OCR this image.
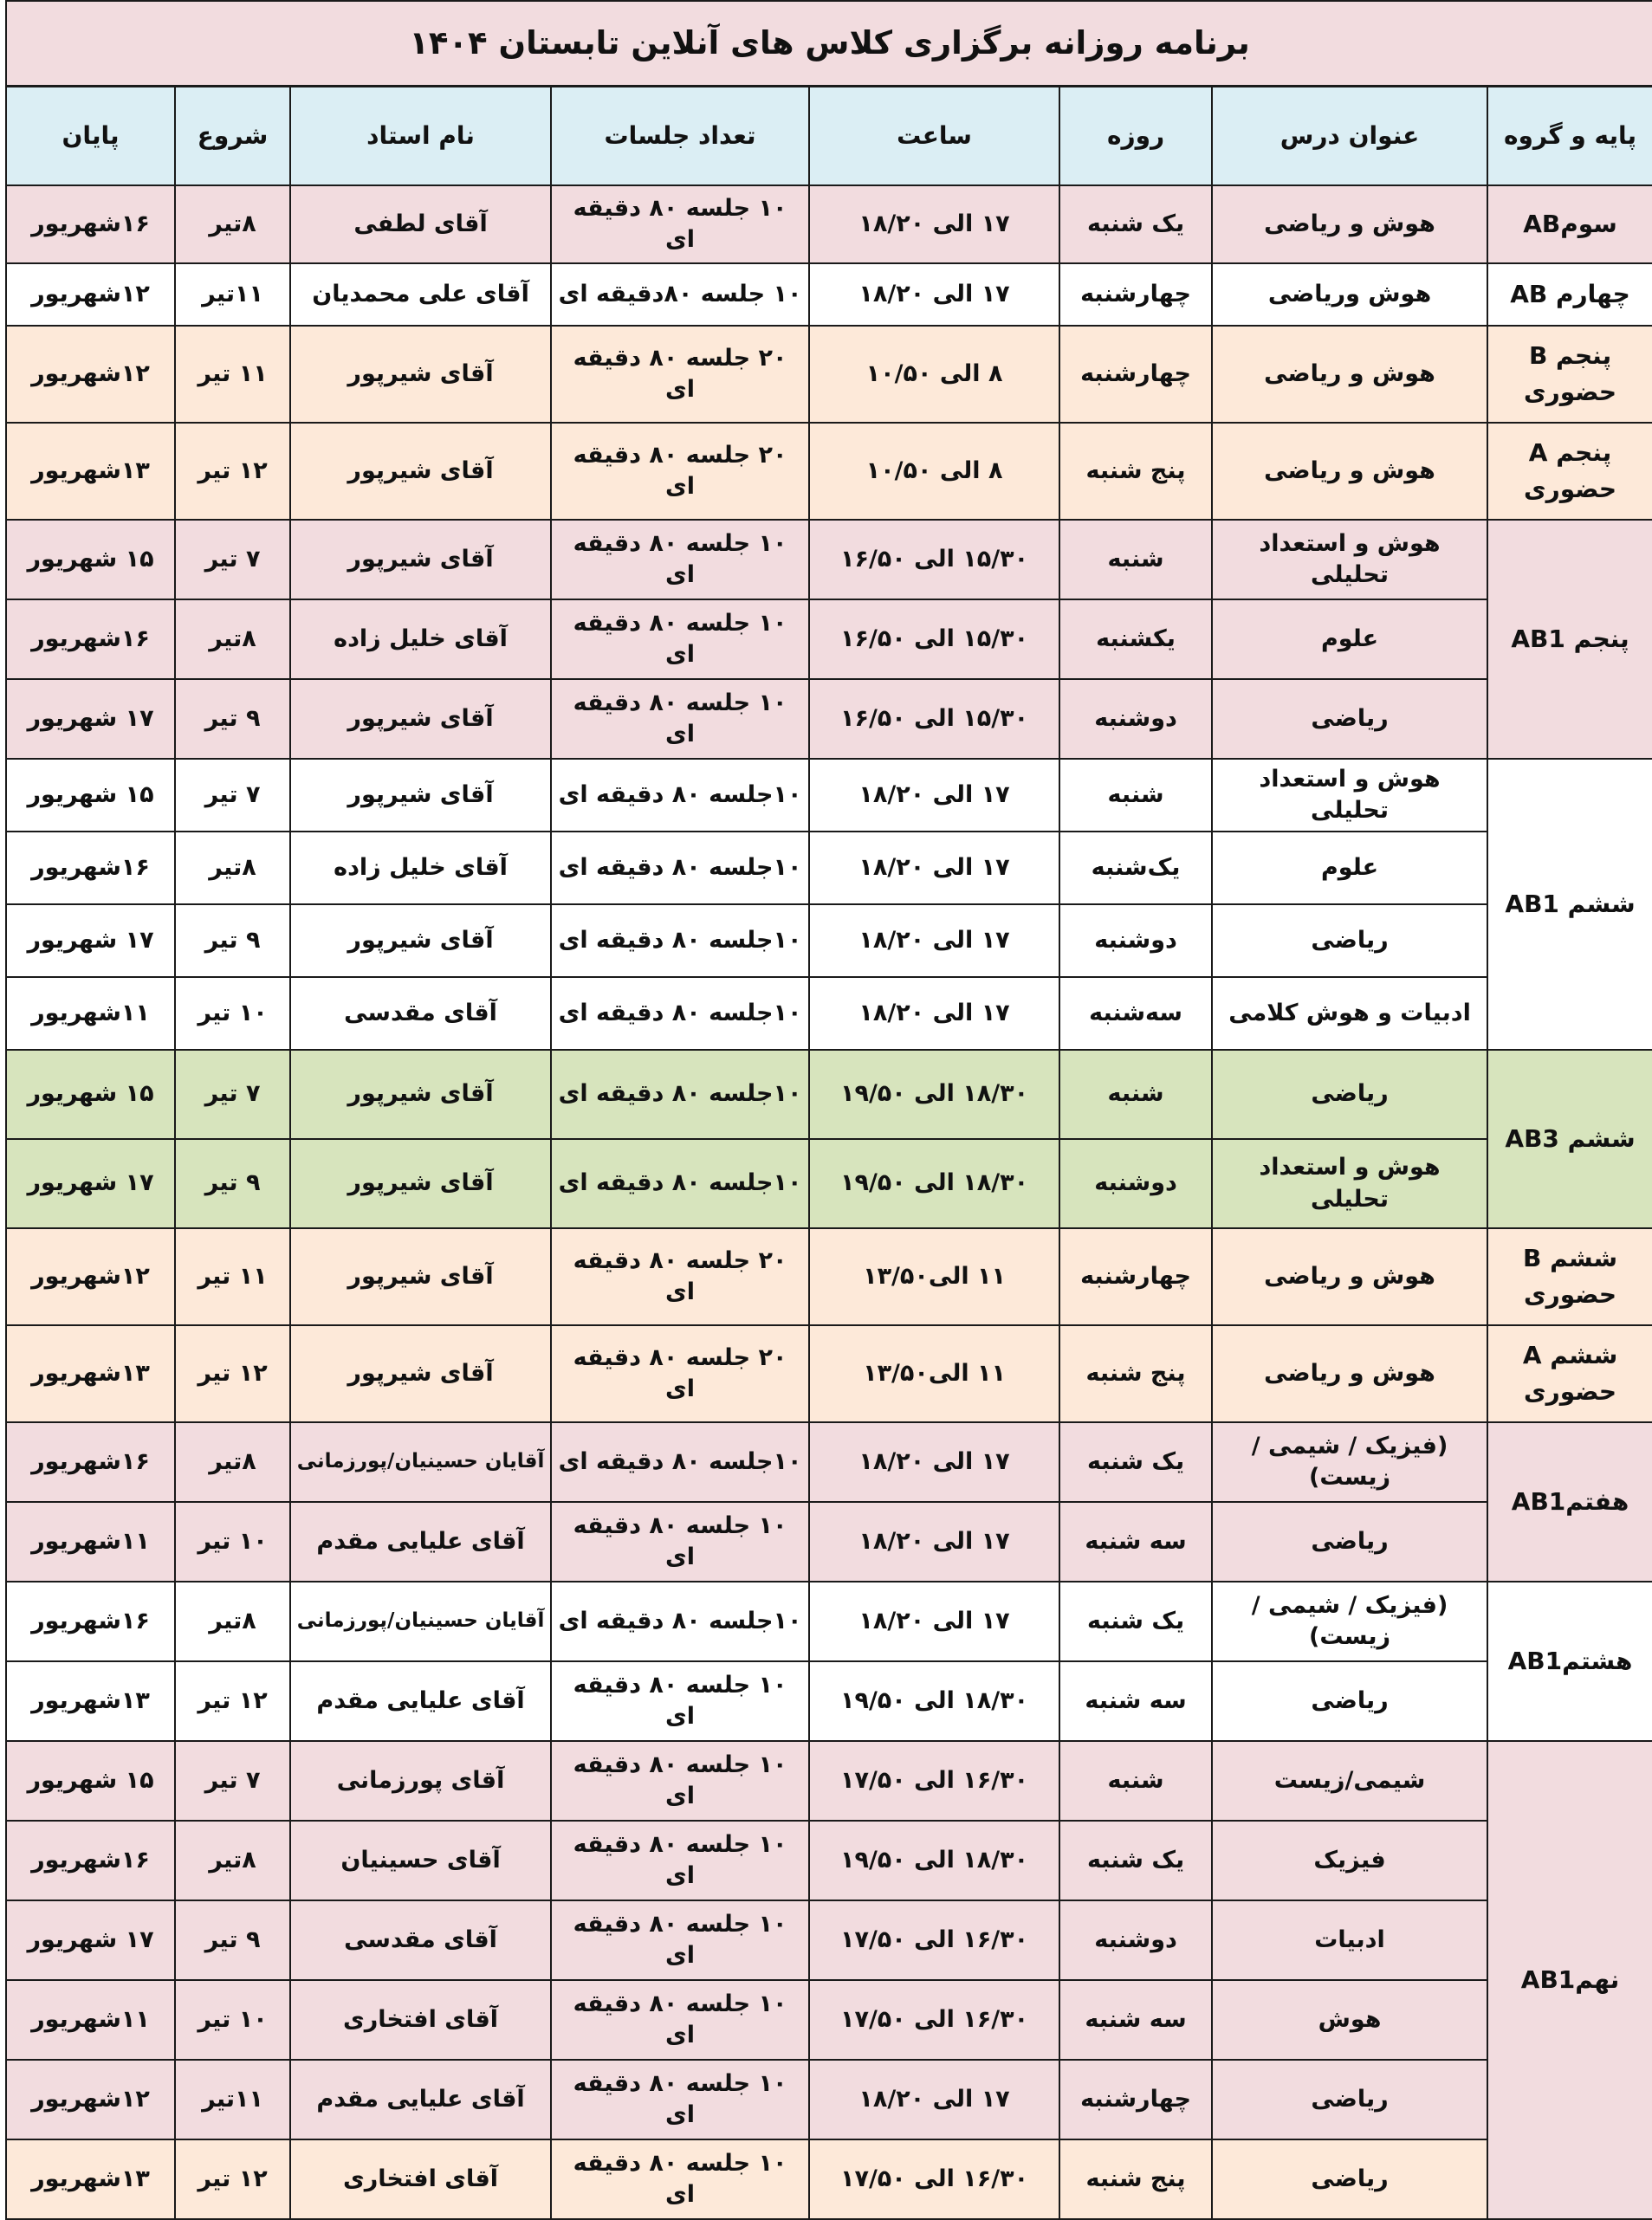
برنامه روزانه برگزاری کلاس های آنلاین تابستان ۱۴۰۴							
پایه و گروه	عنوان درس	روزه	ساعت	تعداد جلسات	نام استاد	شروع	پایان
سومAB	هوش و ریاضی	یک شنبه	۱۷ الی ۱۸/۲۰	۱۰ جلسه ۸۰ دقیقه ای	آقای لطفی	۸تیر	۱۶شهریور
چهارم AB	هوش وریاضی	چهارشنبه	۱۷ الی ۱۸/۲۰	۱۰ جلسه ۸۰دقیقه ای	آقای علی محمدیان	۱۱تیر	۱۲شهریور
پنجم B حضوری	هوش و ریاضی	چهارشنبه	۸ الی ۱۰/۵۰	۲۰ جلسه ۸۰ دقیقه ای	آقای شیرپور	۱۱ تیر	۱۲شهریور
پنجم A حضوری	هوش و ریاضی	پنج شنبه	۸ الی ۱۰/۵۰	۲۰ جلسه ۸۰ دقیقه ای	آقای شیرپور	۱۲ تیر	۱۳شهریور
پنجم AB1	هوش و استعداد تحلیلی	شنبه	۱۵/۳۰ الی ۱۶/۵۰	۱۰ جلسه ۸۰ دقیقه ای	آقای شیرپور	۷ تیر	۱۵ شهریور
	علوم	یکشنبه	۱۵/۳۰ الی ۱۶/۵۰	۱۰ جلسه ۸۰ دقیقه ای	آقای خلیل زاده	۸تیر	۱۶شهریور
	ریاضی	دوشنبه	۱۵/۳۰ الی ۱۶/۵۰	۱۰ جلسه ۸۰ دقیقه ای	آقای شیرپور	۹ تیر	۱۷ شهریور
ششم AB1	هوش و استعداد تحلیلی	شنبه	۱۷ الی ۱۸/۲۰	۱۰جلسه ۸۰ دقیقه ای	آقای شیرپور	۷ تیر	۱۵ شهریور
	علوم	یک‌شنبه	۱۷ الی ۱۸/۲۰	۱۰جلسه ۸۰ دقیقه ای	آقای خلیل زاده	۸تیر	۱۶شهریور
	ریاضی	دوشنبه	۱۷ الی ۱۸/۲۰	۱۰جلسه ۸۰ دقیقه ای	آقای شیرپور	۹ تیر	۱۷ شهریور
	ادبیات و هوش کلامی	سه‌شنبه	۱۷ الی ۱۸/۲۰	۱۰جلسه ۸۰ دقیقه ای	آقای مقدسی	۱۰ تیر	۱۱شهریور
ششم AB3	ریاضی	شنبه	۱۸/۳۰ الی ۱۹/۵۰	۱۰جلسه ۸۰ دقیقه ای	آقای شیرپور	۷ تیر	۱۵ شهریور
	هوش و استعداد تحلیلی	دوشنبه	۱۸/۳۰ الی ۱۹/۵۰	۱۰جلسه ۸۰ دقیقه ای	آقای شیرپور	۹ تیر	۱۷ شهریور
ششم B حضوری	هوش و ریاضی	چهارشنبه	۱۱ الی۱۳/۵۰	۲۰ جلسه ۸۰ دقیقه ای	آقای شیرپور	۱۱ تیر	۱۲شهریور
ششم A حضوری	هوش و ریاضی	پنج شنبه	۱۱ الی۱۳/۵۰	۲۰ جلسه ۸۰ دقیقه ای	آقای شیرپور	۱۲ تیر	۱۳شهریور
هفتمAB1	(فیزیک / شیمی / زیست)	یک شنبه	۱۷ الی ۱۸/۲۰	۱۰جلسه ۸۰ دقیقه ای	آقایان حسینیان/پورزمانی	۸تیر	۱۶شهریور
	ریاضی	سه شنبه	۱۷ الی ۱۸/۲۰	۱۰ جلسه ۸۰ دقیقه ای	آقای علیایی مقدم	۱۰ تیر	۱۱شهریور
هشتمAB1	(فیزیک / شیمی / زیست)	یک شنبه	۱۷ الی ۱۸/۲۰	۱۰جلسه ۸۰ دقیقه ای	آقایان حسینیان/پورزمانی	۸تیر	۱۶شهریور
	ریاضی	سه شنبه	۱۸/۳۰ الی ۱۹/۵۰	۱۰ جلسه ۸۰ دقیقه ای	آقای علیایی مقدم	۱۲ تیر	۱۳شهریور
نهمAB1	شیمی/زیست	شنبه	۱۶/۳۰ الی ۱۷/۵۰	۱۰ جلسه ۸۰ دقیقه ای	آقای پورزمانی	۷ تیر	۱۵ شهریور
	فیزیک	یک شنبه	۱۸/۳۰ الی ۱۹/۵۰	۱۰ جلسه ۸۰ دقیقه ای	آقای حسینیان	۸تیر	۱۶شهریور
	ادبیات	دوشنبه	۱۶/۳۰ الی ۱۷/۵۰	۱۰ جلسه ۸۰ دقیقه ای	آقای مقدسی	۹ تیر	۱۷ شهریور
	هوش	سه شنبه	۱۶/۳۰ الی ۱۷/۵۰	۱۰ جلسه ۸۰ دقیقه ای	آقای افتخاری	۱۰ تیر	۱۱شهریور
	ریاضی	چهارشنبه	۱۷ الی ۱۸/۲۰	۱۰ جلسه ۸۰ دقیقه ای	آقای علیایی مقدم	۱۱تیر	۱۲شهریور
	ریاضی	پنج شنبه	۱۶/۳۰ الی ۱۷/۵۰	۱۰ جلسه ۸۰ دقیقه ای	آقای افتخاری	۱۲ تیر	۱۳شهریور
